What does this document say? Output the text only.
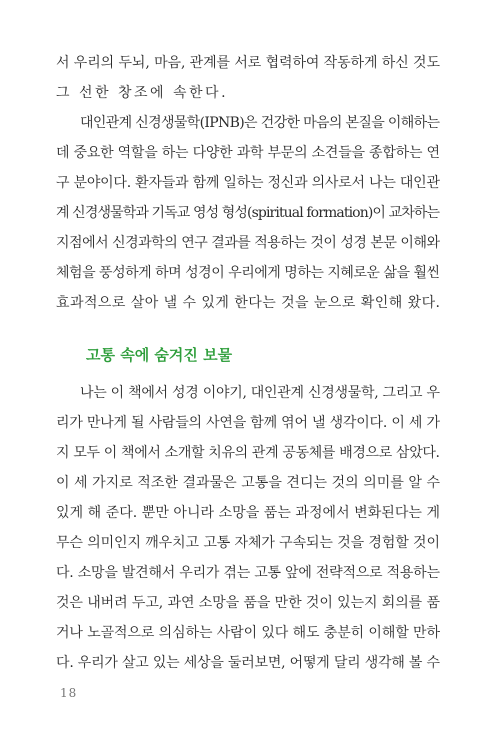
서 우리의 두뇌, 마음, 관계를 서로 협력하여 작동하게 하신 것도
그 선한 창조에 속한다.
대인관계 신경생물학(IPNB)은 건강한 마음의 본질을 이해하는
데 중요한 역할을 하는 다양한 과학 부문의 소견들을 종합하는 연
구 분야이다. 환자들과 함께 일하는 정신과 의사로서 나는 대인관
계 신경생물학과 기독교 영성 형성(spiritual formation)이 교차하는
지점에서 신경과학의 연구 결과를 적용하는 것이 성경 본문 이해와
체험을 풍성하게 하며 성경이 우리에게 명하는 지혜로운 삶을 훨씬
효과적으로 살아 낼 수 있게 한다는 것을 눈으로 확인해 왔다.
고통 속에 숨겨진 보물
나는 이 책에서 성경 이야기, 대인관계 신경생물학, 그리고 우
리가 만나게 될 사람들의 사연을 함께 엮어 낼 생각이다. 이 세 가
지 모두 이 책에서 소개할 치유의 관계 공동체를 배경으로 삼았다.
이 세 가지로 적조한 결과물은 고통을 견디는 것의 의미를 알 수
있게 해 준다. 뿐만 아니라 소망을 품는 과정에서 변화된다는 게
무슨 의미인지 깨우치고 고통 자체가 구속되는 것을 경험할 것이
다. 소망을 발견해서 우리가 겪는 고통 앞에 전략적으로 적용하는
것은 내버려 두고, 과연 소망을 품을 만한 것이 있는지 회의를 품
거나 노골적으로 의심하는 사람이 있다 해도 충분히 이해할 만하
다. 우리가 살고 있는 세상을 둘러보면, 어떻게 달리 생각해 볼 수
18
